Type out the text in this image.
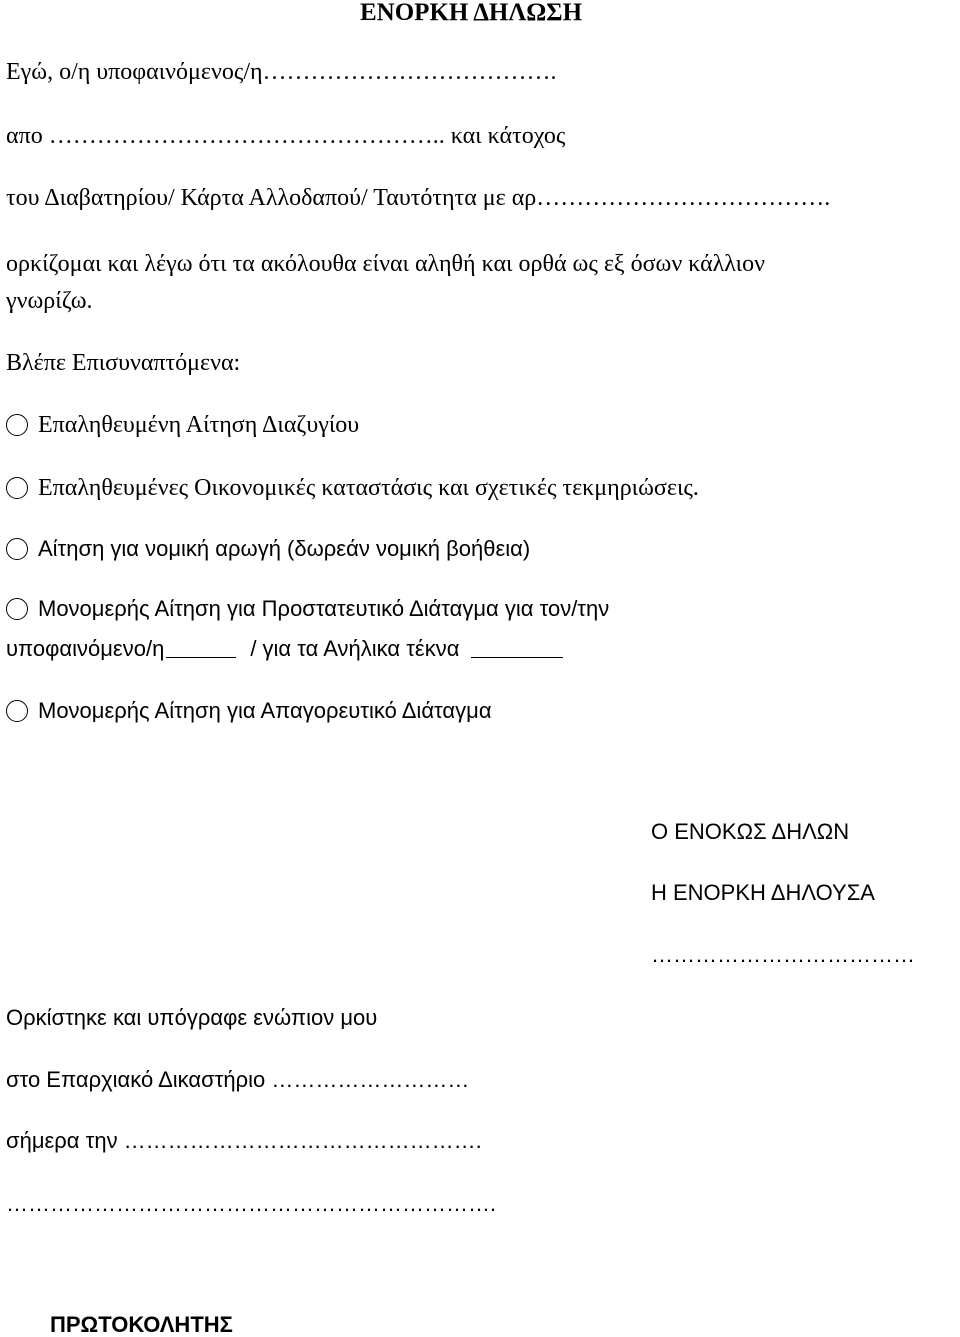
ΕΝΟΡΚΗ ΔΗΛΩΣΗ
Εγώ, ο/η υποφαινόμενος/η……………………………….
απο ………………………………………….. και κάτοχος
του Διαβατηρίου/ Κάρτα Αλλοδαπού/ Ταυτότητα με αρ……………………………….
ορκίζομαι και λέγω ότι τα ακόλουθα είναι αληθή και ορθά ως εξ όσων κάλλιον
γνωρίζω.
Βλέπε Επισυναπτόμενα:
Επαληθευμένη Αίτηση Διαζυγίου
Επαληθευμένες Οικονομικές καταστάσις και σχετικές τεκμηριώσεις.
Αίτηση για νομική αρωγή (δωρεάν νομική βοήθεια)
Μονομερής Αίτηση για Προστατευτικό Διάταγμα για τον/την
υποφαινόμενο/η	/ για τα Ανήλικα τέκνα
Μονομερής Αίτηση για Απαγορευτικό Διάταγμα
Ο ΕΝΟΚΩΣ ΔΗΛΩΝ
Η ΕΝΟΡΚΗ ΔΗΛΟΥΣΑ
………………………………
Ορκίστηκε και υπόγραφε ενώπιον μου
στο Επαρχιακό Δικαστήριο ………………………
σήμερα την ………………………………………….
………………………………………………………….
ΠΡΩΤΟΚΟΛΗΤΗΣ
